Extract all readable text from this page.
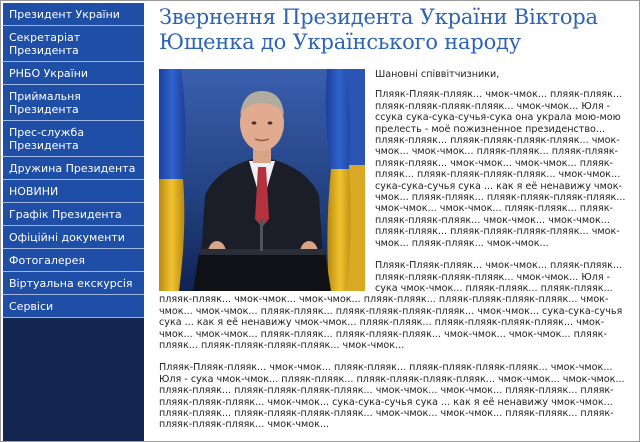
Президент України
Секретаріат Президента
РНБО України
Приймальня Президента
Прес-служба Президента
Дружина Президента
НОВИНИ
Графік Президента
Офіційні документи
Фотогалерея
Віртуальна екскурсія
Сервіси
Звернення Президента України Віктора Ющенка до Українського народу

Шановні співвітчизники,

Пляяк-Пляяк-пляяк... чмок-чмок... пляяк-пляяк... пляяк-пляяк-пляяк-пляяк... чмок-чмок... Юля - ссука сука-сука-сучья-сука она украла мою-мою прелесть - моё пожизненное президенство... пляяк-пляяк... пляяк-пляяк-пляяк-пляяк... чмок-чмок... чмок-чмок... пляяк-пляяк... пляяк-пляяк-пляяк-пляяк... чмок-чмок... чмок-чмок... пляяк-пляяк... пляяк-пляяк-пляяк-пляяк... чмок-чмок... сука-сука-сучья сука ... как я её ненавижу чмок-чмок... пляяк-пляяк... пляяк-пляяк-пляяк-пляяк... чмок-чмок... чмок-чмок... пляяк-пляяк... пляяк-пляяк-пляяк-пляяк... чмок-чмок... чмок-чмок... пляяк-пляяк... пляяк-пляяк-пляяк-пляяк... чмок-чмок... пляяк-пляяк... чмок-чмок...

Пляяк-Пляяк-пляяк... чмок-чмок... пляяк-пляяк... пляяк-пляяк-пляяк-пляяк... чмок-чмок... Юля - сука чмок-чмок... пляяк-пляяк... пляяк-пляяк... пляяк-пляяк... чмок-чмок... чмок-чмок... пляяк-пляяк... пляяк-пляяк-пляяк-пляяк... чмок-чмок... чмок-чмок... пляяк-пляяк... пляяк-пляяк-пляяк-пляяк... чмок-чмок... сука-сука-сучья сука ... как я её ненавижу чмок-чмок... пляяк-пляяк... пляяк-пляяк-пляяк-пляяк... чмок-чмок... чмок-чмок... пляяк-пляяк... пляяк-пляяк-пляяк... чмок-чмок... чмок-чмок... пляяк-пляяк... пляяк-пляяк-пляяк-пляяк... чмок-чмок...

Пляяк-Пляяк-пляяк... чмок-чмок... пляяк-пляяк... пляяк-пляяк-пляяк-пляяк... чмок-чмок... Юля - сука чмок-чмок... пляяк-пляяк... пляяк-пляяк-пляяк-пляяк... чмок-чмок... чмок-чмок... пляяк-пляяк... пляяк-пляяк-пляяк-пляяк... чмок-чмок... чмок-чмок... пляяк-пляяк... пляяк-пляяк-пляяк-пляяк... чмок-чмок... сука-сука-сучья сука ... как я её ненавижу чмок-чмок... пляяк-пляяк... пляяк-пляяк-пляяк-пляяк... чмок-чмок... чмок-чмок... пляяк-пляяк... пляяк-пляяк-пляяк-пляяк... чмок-чмок...
